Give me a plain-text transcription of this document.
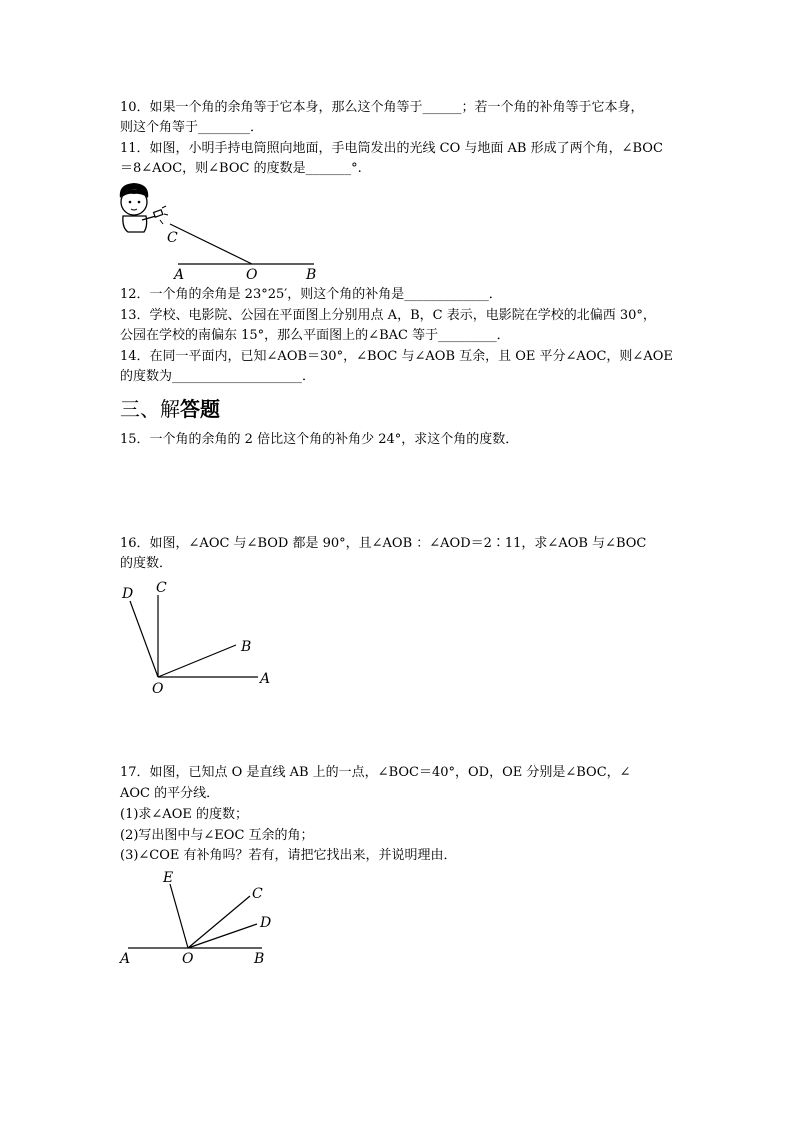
10．如果一个角的余角等于它本身，那么这个角等于______；若一个角的补角等于它本身，
则这个角等于________．
11．如图，小明手持电筒照向地面，手电筒发出的光线 CO 与地面 AB 形成了两个角，∠BOC
＝8∠AOC，则∠BOC 的度数是_______°.
C
A	O	B
12．一个角的余角是 23°25′，则这个角的补角是_____________．
13．学校、电影院、公园在平面图上分别用点 A，B，C 表示，电影院在学校的北偏西 30°，
公园在学校的南偏东 15°，那么平面图上的∠BAC 等于_________．
14．在同一平面内，已知∠AOB＝30°，∠BOC 与∠AOB 互余，且 OE 平分∠AOC，则∠AOE
的度数为____________________．
三、解答题
15．一个角的余角的 2 倍比这个角的补角少 24°，求这个角的度数．
16．如图，∠AOC 与∠BOD 都是 90°，且∠AOB ：∠AOD＝2∶11，求∠AOB 与∠BOC
的度数．
D C
B
O
A
17．如图，已知点 O 是直线 AB 上的一点，∠BOC＝40°，OD，OE 分别是∠BOC，∠
AOC 的平分线．
(1)求∠AOE 的度数；
(2)写出图中与∠EOC 互余的角；
(3)∠COE 有补角吗？若有，请把它找出来，并说明理由．
E
C
D
A	O	B
